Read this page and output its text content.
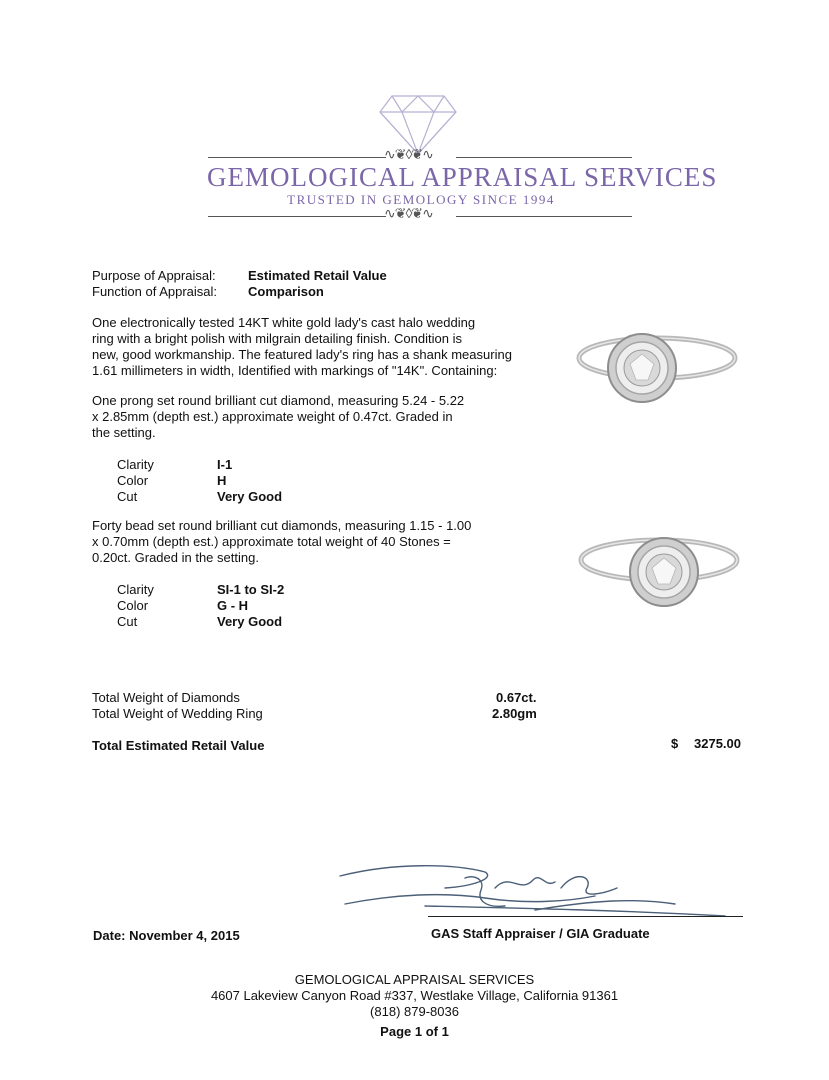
∿❦◊❦∿
GEMOLOGICAL APPRAISAL SERVICES
TRUSTED IN GEMOLOGY SINCE 1994
∿❦◊❦∿
Purpose of Appraisal: Estimated Retail Value
Function of Appraisal: Comparison
One electronically tested 14KT white gold lady's cast halo wedding
ring with a bright polish with milgrain detailing finish. Condition is
new, good workmanship. The featured lady's ring has a shank measuring
1.61 millimeters in width, Identified with markings of "14K". Containing:
One prong set round brilliant cut diamond, measuring 5.24 - 5.22
x 2.85mm (depth est.) approximate weight of 0.47ct. Graded in
the setting.
Clarity	I-1
Color	H
Cut	Very Good
Forty bead set round brilliant cut diamonds, measuring 1.15 - 1.00
x 0.70mm (depth est.) approximate total weight of 40 Stones =
0.20ct. Graded in the setting.
Clarity	SI-1 to SI-2
Color	G - H
Cut	Very Good
Total Weight of Diamonds	0.67ct.
Total Weight of Wedding Ring	2.80gm
Total Estimated Retail Value	$ 3275.00
Date: November 4, 2015	GAS Staff Appraiser / GIA Graduate
GEMOLOGICAL APPRAISAL SERVICES
4607 Lakeview Canyon Road #337, Westlake Village, California 91361
(818) 879-8036
Page 1 of 1
